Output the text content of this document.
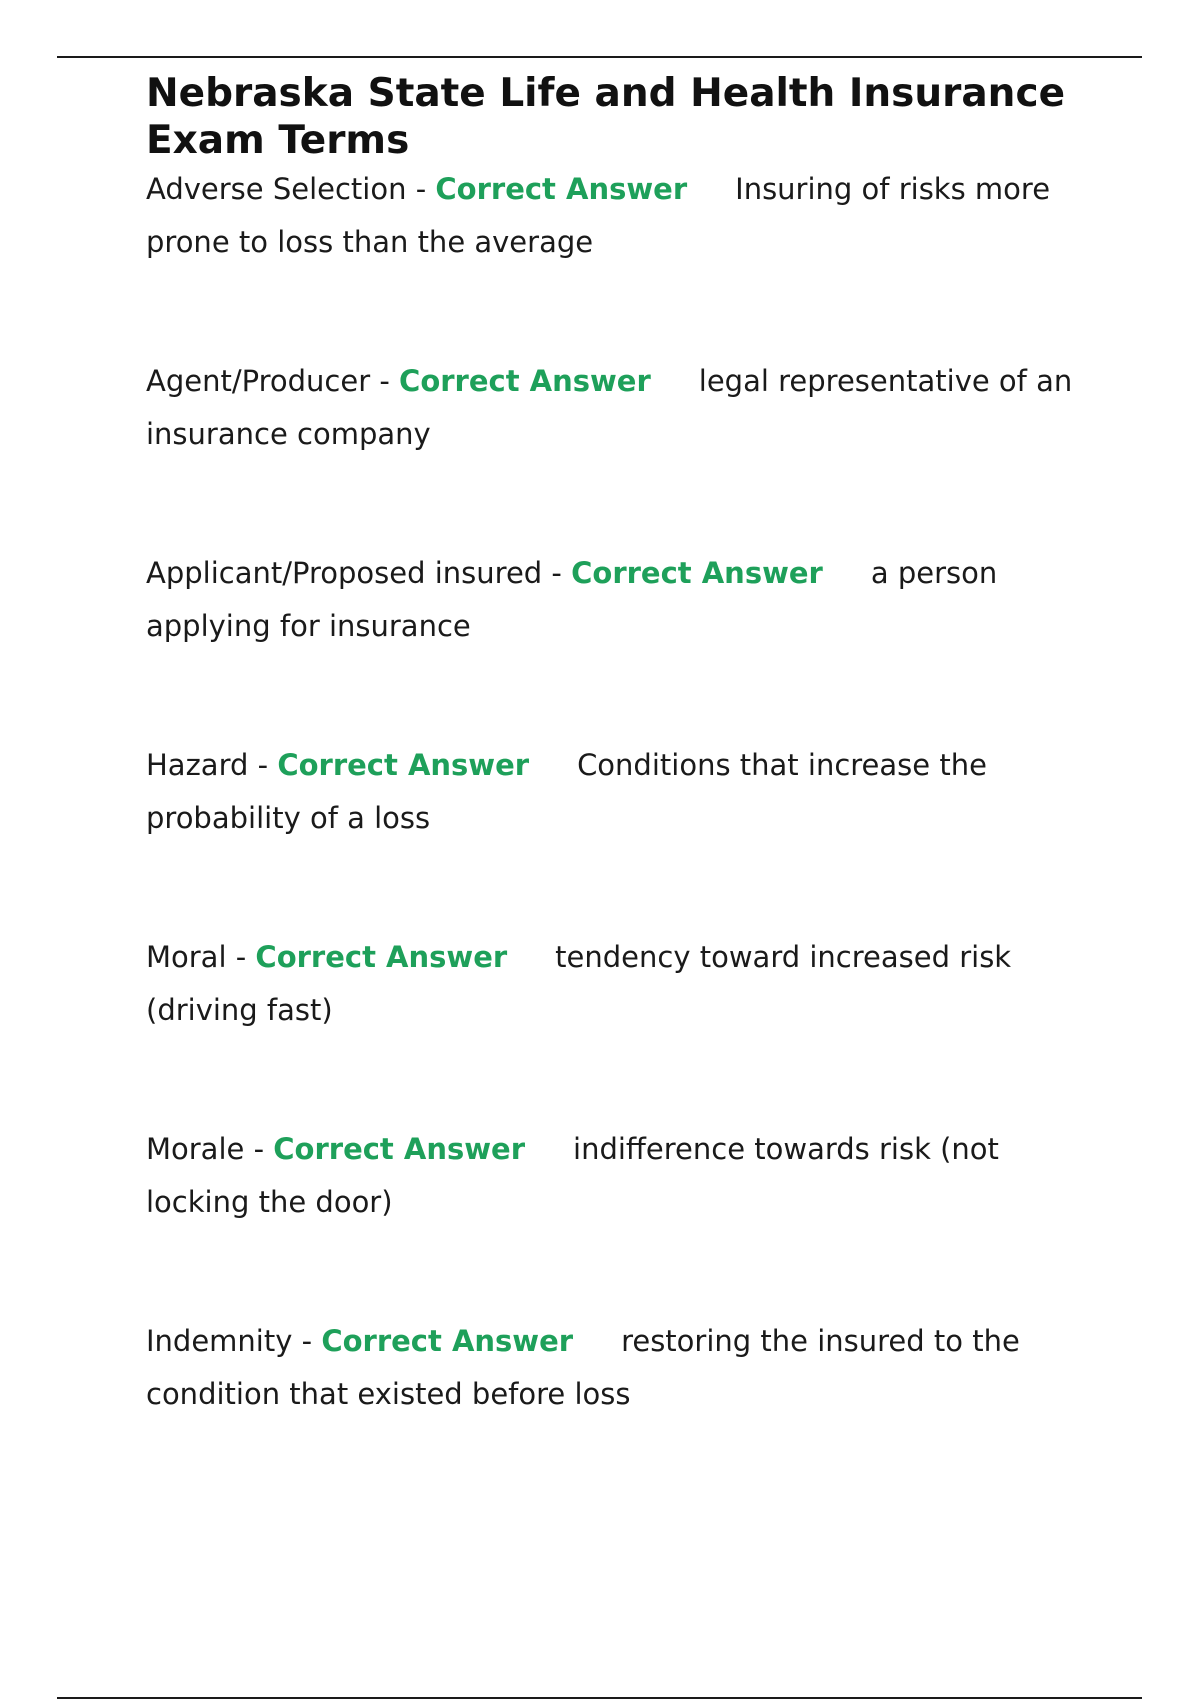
Nebraska State Life and Health Insurance Exam Terms

Adverse Selection - Correct Answer Insuring of risks more prone to loss than the average

Agent/Producer - Correct Answer legal representative of an insurance company

Applicant/Proposed insured - Correct Answer a person applying for insurance

Hazard - Correct Answer Conditions that increase the probability of a loss

Moral - Correct Answer tendency toward increased risk (driving fast)

Morale - Correct Answer indifference towards risk (not locking the door)

Indemnity - Correct Answer restoring the insured to the condition that existed before loss
